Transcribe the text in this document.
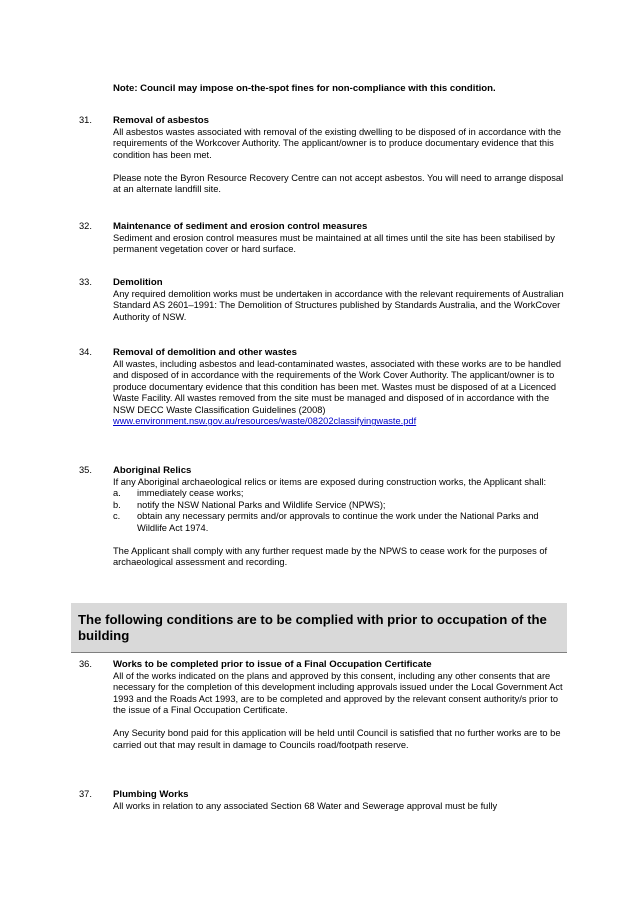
Note: Council may impose on-the-spot fines for non-compliance with this condition.
31. Removal of asbestos

All asbestos wastes associated with removal of the existing dwelling to be disposed of in accordance with the requirements of the Workcover Authority. The applicant/owner is to produce documentary evidence that this condition has been met.

Please note the Byron Resource Recovery Centre can not accept asbestos. You will need to arrange disposal at an alternate landfill site.

32. Maintenance of sediment and erosion control measures

Sediment and erosion control measures must be maintained at all times until the site has been stabilised by permanent vegetation cover or hard surface.

33. Demolition

Any required demolition works must be undertaken in accordance with the relevant requirements of Australian Standard AS 2601–1991: The Demolition of Structures published by Standards Australia, and the WorkCover Authority of NSW.

34. Removal of demolition and other wastes

All wastes, including asbestos and lead-contaminated wastes, associated with these works are to be handled and disposed of in accordance with the requirements of the Work Cover Authority. The applicant/owner is to produce documentary evidence that this condition has been met. Wastes must be disposed of at a Licenced Waste Facility. All wastes removed from the site must be managed and disposed of in accordance with the NSW DECC Waste Classification Guidelines (2008)

www.environment.nsw.gov.au/resources/waste/08202classifyingwaste.pdf

35. Aboriginal Relics

If any Aboriginal archaeological relics or items are exposed during construction works, the Applicant shall:

a. immediately cease works;
b. notify the NSW National Parks and Wildlife Service (NPWS);
c. obtain any necessary permits and/or approvals to continue the work under the National Parks and Wildlife Act 1974.

The Applicant shall comply with any further request made by the NPWS to cease work for the purposes of archaeological assessment and recording.

The following conditions are to be complied with prior to occupation of the building
36. Works to be completed prior to issue of a Final Occupation Certificate

All of the works indicated on the plans and approved by this consent, including any other consents that are necessary for the completion of this development including approvals issued under the Local Government Act 1993 and the Roads Act 1993, are to be completed and approved by the relevant consent authority/s prior to the issue of a Final Occupation Certificate.

Any Security bond paid for this application will be held until Council is satisfied that no further works are to be carried out that may result in damage to Councils road/footpath reserve.

37. Plumbing Works

All works in relation to any associated Section 68 Water and Sewerage approval must be fully
